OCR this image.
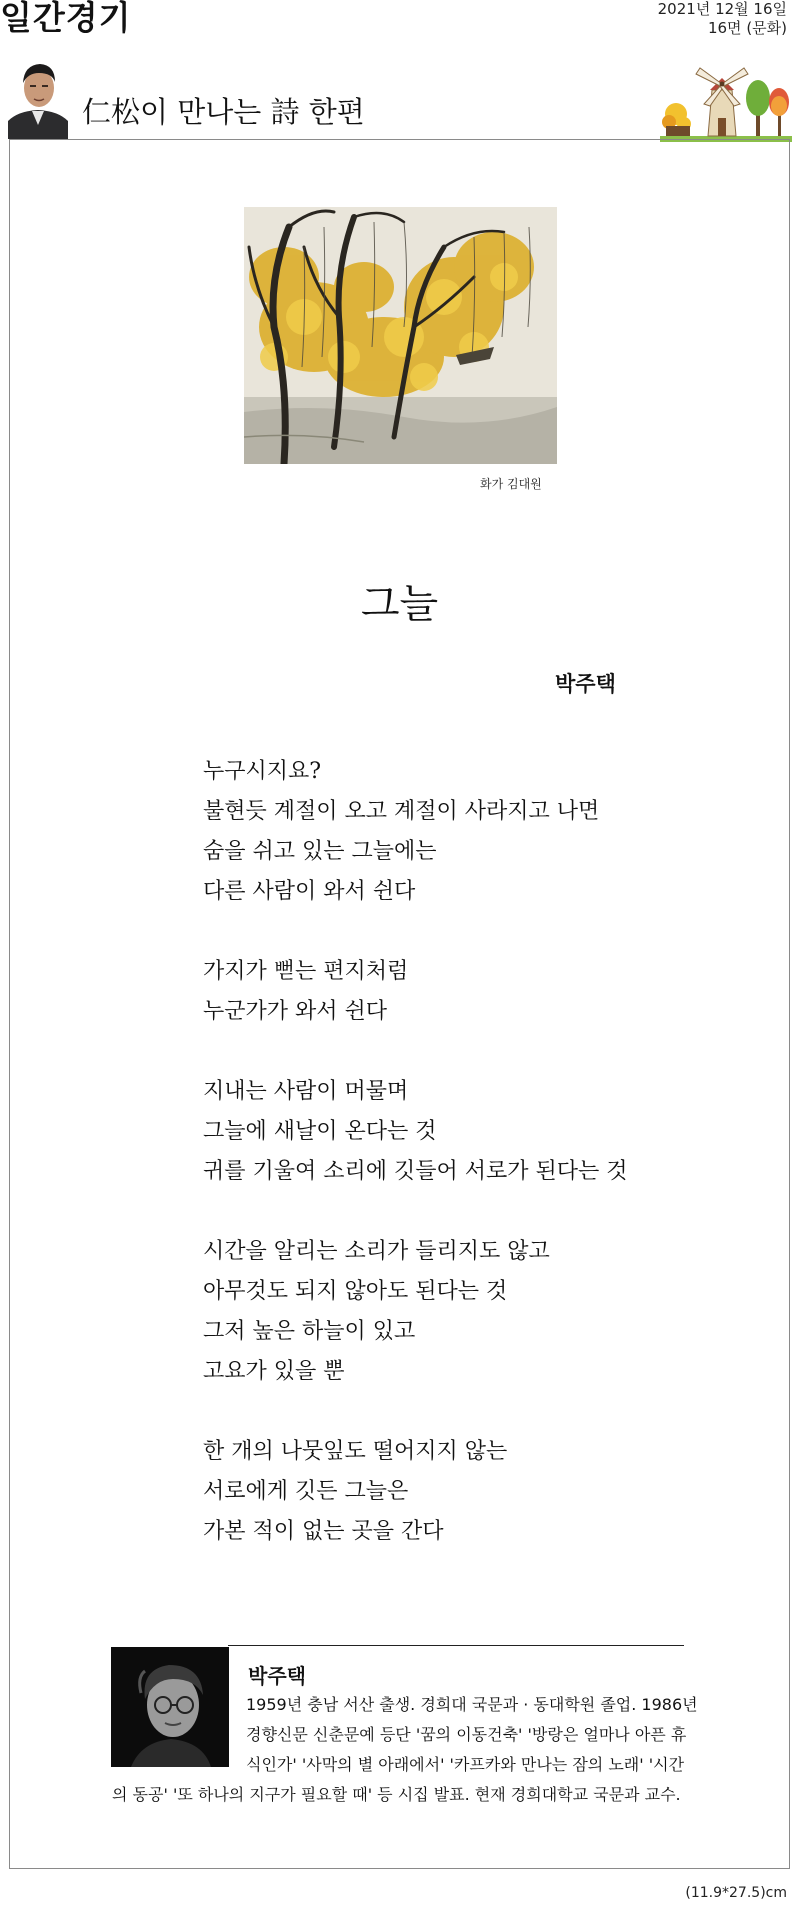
일간경기	2021년 12월 16일
16면 (문화)
仁松이 만나는 詩 한편
화가 김대원
그늘
박주택
누구시지요?
불현듯 계절이 오고 계절이 사라지고 나면
숨을 쉬고 있는 그늘에는
다른 사람이 와서 쉰다
가지가 뻗는 편지처럼
누군가가 와서 쉰다
지내는 사람이 머물며
그늘에 새날이 온다는 것
귀를 기울여 소리에 깃들어 서로가 된다는 것
시간을 알리는 소리가 들리지도 않고
아무것도 되지 않아도 된다는 것
그저 높은 하늘이 있고
고요가 있을 뿐
한 개의 나뭇잎도 떨어지지 않는
서로에게 깃든 그늘은
가본 적이 없는 곳을 간다
박주택
1959년 충남 서산 출생. 경희대 국문과 · 동대학원 졸업. 1986년
경향신문 신춘문예 등단 '꿈의 이동건축' '방랑은 얼마나 아픈 휴
식인가' '사막의 별 아래에서' '카프카와 만나는 잠의 노래' '시간
의 동공' '또 하나의 지구가 필요할 때' 등 시집 발표. 현재 경희대학교 국문과 교수.
(11.9*27.5)cm
